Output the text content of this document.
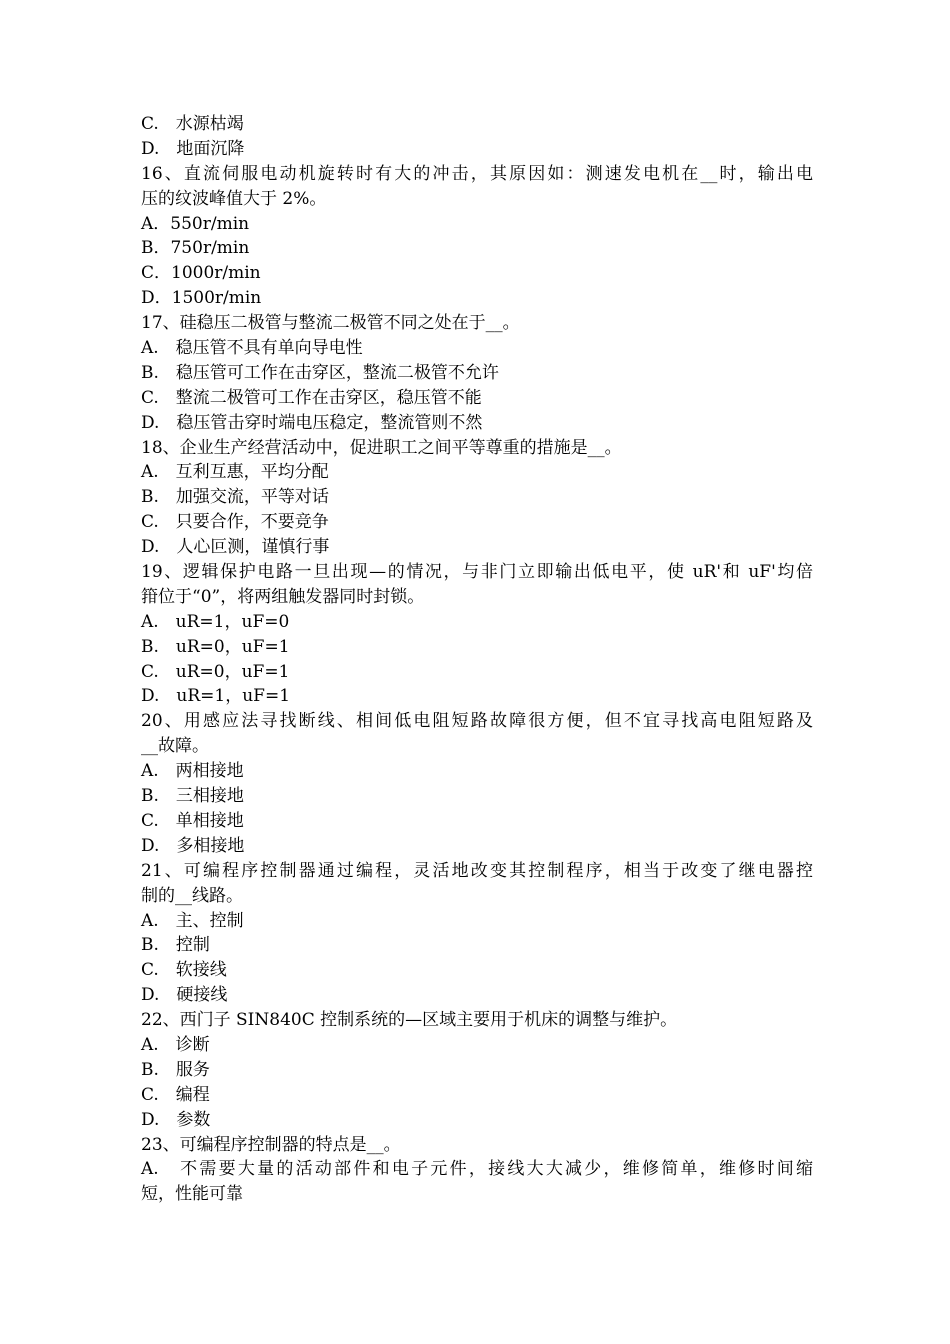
C.　水源枯竭
D.　地面沉降
16、直流伺服电动机旋转时有大的冲击，其原因如：测速发电机在__时，输出电
压的纹波峰值大于 2%。
A．550r/min
B．750r/min
C．1000r/min
D．1500r/min
17、硅稳压二极管与整流二极管不同之处在于__。
A.　稳压管不具有单向导电性
B.　稳压管可工作在击穿区，整流二极管不允许
C.　整流二极管可工作在击穿区，稳压管不能
D.　稳压管击穿时端电压稳定，整流管则不然
18、企业生产经营活动中，促进职工之间平等尊重的措施是__。
A.　互利互惠，平均分配
B.　加强交流，平等对话
C.　只要合作，不要竞争
D.　人心叵测，谨慎行事
19、逻辑保护电路一旦出现—的情况，与非门立即输出低电平，使 uR'和 uF'均倍
箝位于“0”，将两组触发器同时封锁。
A.　uR=1，uF=0
B.　uR=0，uF=1
C.　uR=0，uF=1
D.　uR=1，uF=1
20、用感应法寻找断线、相间低电阻短路故障很方便，但不宜寻找高电阻短路及
__故障。
A.　两相接地
B.　三相接地
C.　单相接地
D.　多相接地
21、可编程序控制器通过编程，灵活地改变其控制程序，相当于改变了继电器控
制的__线路。
A.　主、控制
B.　控制
C.　软接线
D.　硬接线
22、西门子 SIN840C 控制系统的—区域主要用于机床的调整与维护。
A.　诊断
B.　服务
C.　编程
D.　参数
23、可编程序控制器的特点是__。
A.　不需要大量的活动部件和电子元件，接线大大减少，维修简单，维修时间缩
短，性能可靠
